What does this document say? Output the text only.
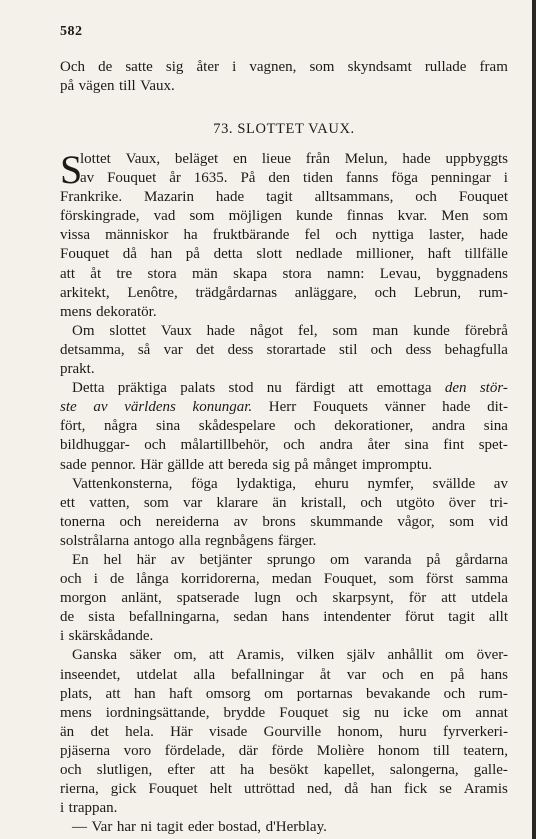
582
Och de satte sig åter i vagnen, som skyndsamt rullade fram
på vägen till Vaux.
73. SLOTTET VAUX.
lottet Vaux, beläget en lieue från Melun, hade uppbyggts
av Fouquet år 1635. På den tiden fanns föga penningar i
Frankrike. Mazarin hade tagit alltsammans, och Fouquet
förskingrade, vad som möjligen kunde finnas kvar. Men som
vissa människor ha fruktbärande fel och nyttiga laster, hade
Fouquet då han på detta slott nedlade millioner, haft tillfälle
att åt tre stora män skapa stora namn: Levau, byggnadens
arkitekt, Lenôtre, trädgårdarnas anläggare, och Lebrun, rum-
mens dekoratör.
Om slottet Vaux hade något fel, som man kunde förebrå
detsamma, så var det dess storartade stil och dess behagfulla
prakt.
Detta präktiga palats stod nu färdigt att emottaga den stör-
ste av världens konungar. Herr Fouquets vänner hade dit-
fört, några sina skådespelare och dekorationer, andra sina
bildhuggar- och målartillbehör, och andra åter sina fint spet-
sade pennor. Här gällde att bereda sig på månget impromptu.
Vattenkonsterna, föga lydaktiga, ehuru nymfer, svällde av
ett vatten, som var klarare än kristall, och utgöto över tri-
tonerna och nereiderna av brons skummande vågor, som vid
solstrålarna antogo alla regnbågens färger.
En hel här av betjänter sprungo om varanda på gårdarna
och i de långa korridorerna, medan Fouquet, som först samma
morgon anlänt, spatserade lugn och skarpsynt, för att utdela
de sista befallningarna, sedan hans intendenter förut tagit allt
i skärskådande.
Ganska säker om, att Aramis, vilken själv anhållit om över-
inseendet, utdelat alla befallningar åt var och en på hans
plats, att han haft omsorg om portarnas bevakande och rum-
mens iordningsättande, brydde Fouquet sig nu icke om annat
än det hela. Här visade Gourville honom, huru fyrverkeri-
pjäserna voro fördelade, där förde Molière honom till teatern,
och slutligen, efter att ha besökt kapellet, salongerna, galle-
rierna, gick Fouquet helt uttröttad ned, då han fick se Aramis
i trappan.
— Var har ni tagit eder bostad, d'Herblay.
S
